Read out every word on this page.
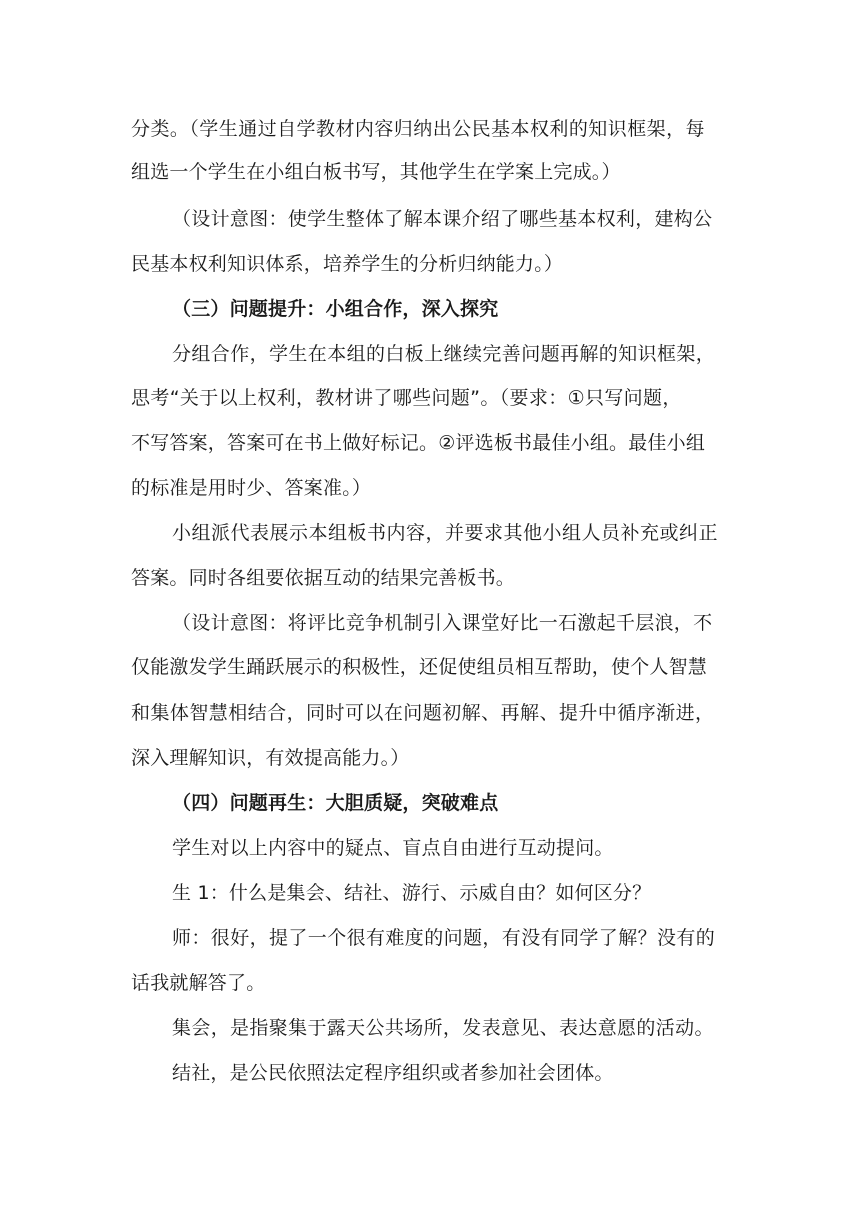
分类。（学生通过自学教材内容归纳出公民基本权利的知识框架，每
组选一个学生在小组白板书写，其他学生在学案上完成。）
（设计意图：使学生整体了解本课介绍了哪些基本权利，建构公
民基本权利知识体系，培养学生的分析归纳能力。）
（三）问题提升：小组合作，深入探究
分组合作，学生在本组的白板上继续完善问题再解的知识框架，
思考“关于以上权利，教材讲了哪些问题”。（要求：①只写问题，
不写答案，答案可在书上做好标记。②评选板书最佳小组。最佳小组
的标准是用时少、答案准。）
小组派代表展示本组板书内容，并要求其他小组人员补充或纠正
答案。同时各组要依据互动的结果完善板书。
（设计意图：将评比竞争机制引入课堂好比一石激起千层浪，不
仅能激发学生踊跃展示的积极性，还促使组员相互帮助，使个人智慧
和集体智慧相结合，同时可以在问题初解、再解、提升中循序渐进，
深入理解知识，有效提高能力。）
（四）问题再生：大胆质疑，突破难点
学生对以上内容中的疑点、盲点自由进行互动提问。
生 1：什么是集会、结社、游行、示威自由？如何区分？
师：很好，提了一个很有难度的问题，有没有同学了解？没有的
话我就解答了。
集会，是指聚集于露天公共场所，发表意见、表达意愿的活动。
结社，是公民依照法定程序组织或者参加社会团体。
